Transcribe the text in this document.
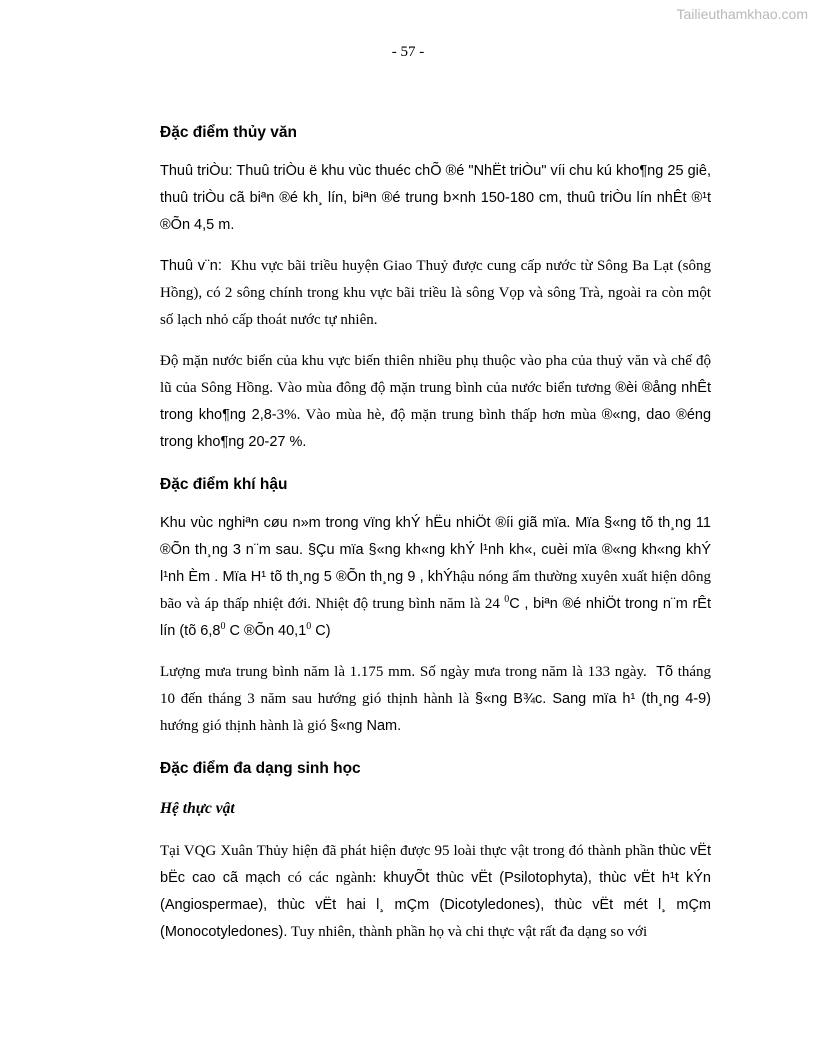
Tailieuthamkhao.com
- 57 -
Đặc điểm thủy văn

Thuû triÒu: Thuû triÒu ë khu vùc thuéc chÕ ®é "NhËt triÒu" víi chu kú kho¶ng 25 giê, thuû triÒu cã biªn ®é kh¸ lín, biªn ®é trung b×nh 150-180 cm, thuû triÒu lín nhÊt ®¹t ®Õn 4,5 m.

Thuû v¨n: Khu vực bãi triều huyện Giao Thuỷ được cung cấp nước từ Sông Ba Lạt (sông Hồng), có 2 sông chính trong khu vực bãi triều là sông Vọp và sông Trà, ngoài ra còn một số lạch nhỏ cấp thoát nước tự nhiên.

Độ mặn nước biển của khu vực biến thiên nhiều phụ thuộc vào pha của thuỷ văn và chế độ lũ của Sông Hồng. Vào mùa đông độ mặn trung bình của nước biển tương ®èi ®ång nhÊt trong kho¶ng 2,8-3%. Vào mùa hè, độ mặn trung bình thấp hơn mùa ®«ng, dao ®éng trong kho¶ng 20-27 %.

Đặc điểm khí hậu

Khu vùc nghiªn cøu n»m trong vïng khÝ hËu nhiÖt ®íi giã mïa. Mïa §«ng tõ th¸ng 11 ®Õn th¸ng 3 n¨m sau. §Çu mïa §«ng kh«ng khÝ l¹nh kh«, cuèi mïa ®«ng kh«ng khÝ l¹nh Èm . Mïa H¹ tõ th¸ng 5 ®Õn th¸ng 9 , khÝhậu nóng ẩm thường xuyên xuất hiện dông bão và áp thấp nhiệt đới. Nhiệt độ trung bình năm là 24 $^0$C , biªn ®é nhiÖt trong n¨m rÊt lín (tõ $6,8^0$ C ®Õn 40,1$^0$ C)

Lượng mưa trung bình năm là 1.175 mm. Số ngày mưa trong năm là 133 ngày. Tõ tháng 10 đến tháng 3 năm sau hướng gió thịnh hành là §«ng B¾c. Sang mïa h¹ (th¸ng 4-9) hướng gió thịnh hành là gió §«ng Nam.

Đặc điểm đa dạng sinh học
Hệ thực vật

Tại VQG Xuân Thủy hiện đã phát hiện được 95 loài thực vật trong đó thành phần thùc vËt bËc cao cã mạch có các ngành: khuyÕt thùc vËt (Psilotophyta), thùc vËt h¹t kÝn (Angiospermae), thùc vËt hai l¸ mÇm (Dicotyledones), thùc vËt mét l¸ mÇm (Monocotyledones). Tuy nhiên, thành phần họ và chi thực vật rất đa dạng so với
